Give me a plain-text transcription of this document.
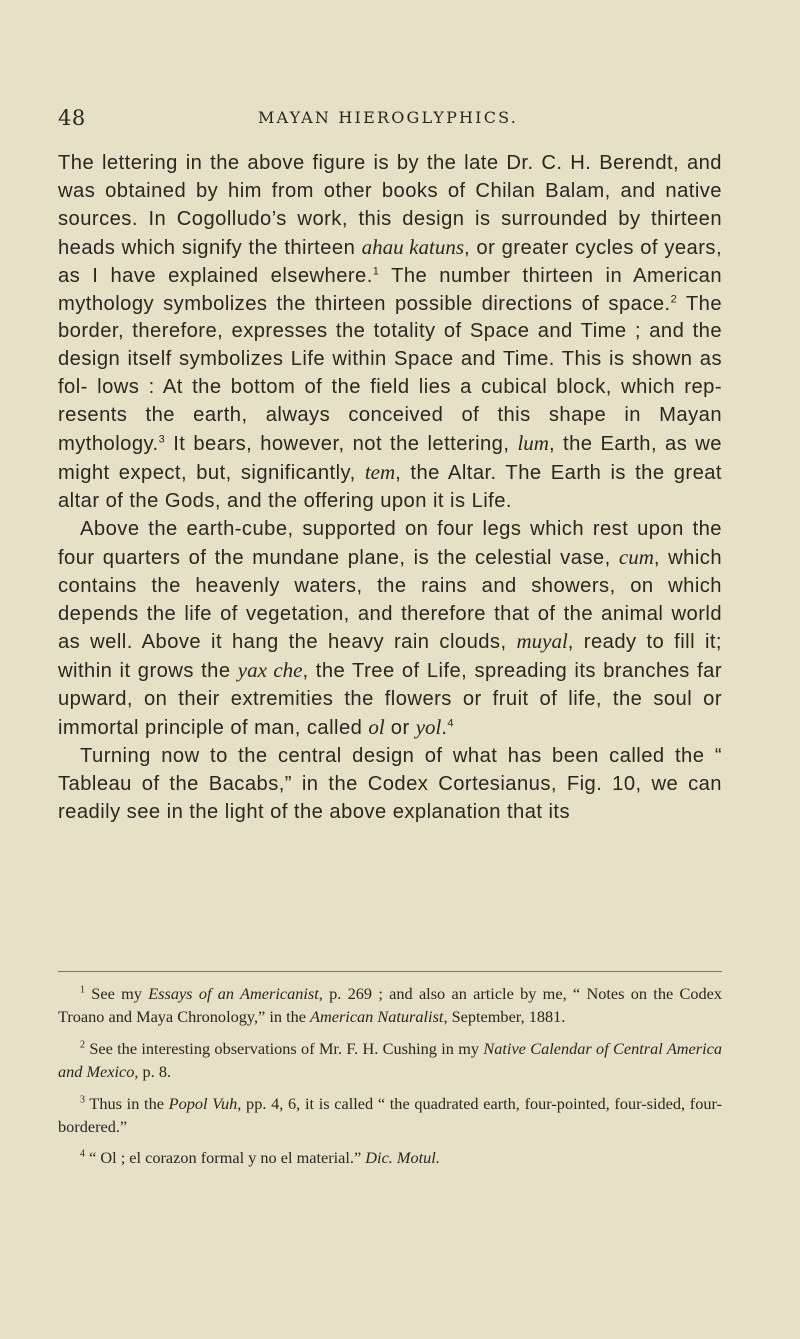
48	MAYAN HIEROGLYPHICS.

The lettering in the above figure is by the late Dr. C. H. Berendt, and was obtained by him from other books of Chilan Balam, and native sources. In Cogolludo’s work, this design is surrounded by thirteen heads which signify the thirteen ahau katuns, or greater cycles of years, as I have explained elsewhere.$^1$ The number thirteen in American mythology symbolizes the thirteen possible directions of space.$^2$ The border, therefore, expresses the totality of Space and Time ; and the design itself symbolizes Life within Space and Time. This is shown as fol- lows : At the bottom of the field lies a cubical block, which rep- resents the earth, always conceived of this shape in Mayan mythology.$^3$ It bears, however, not the lettering, lum, the Earth, as we might expect, but, significantly, tem, the Altar. The Earth is the great altar of the Gods, and the offering upon it is Life.

Above the earth-cube, supported on four legs which rest upon the four quarters of the mundane plane, is the celestial vase, cum, which contains the heavenly waters, the rains and showers, on which depends the life of vegetation, and therefore that of the animal world as well. Above it hang the heavy rain clouds, muyal, ready to fill it; within it grows the yax che, the Tree of Life, spreading its branches far upward, on their extremities the flowers or fruit of life, the soul or immortal principle of man, called ol or yol.$^4$

Turning now to the central design of what has been called the “ Tableau of the Bacabs,” in the Codex Cortesianus, Fig. 10, we can readily see in the light of the above explanation that its

$^1$ See my Essays of an Americanist, p. 269 ; and also an article by me, “ Notes on the Codex Troano and Maya Chronology,” in the American Naturalist, September, 1881.

$^2$ See the interesting observations of Mr. F. H. Cushing in my Native Calendar of Central America and Mexico, p. 8.

$^3$ Thus in the Popol Vuh, pp. 4, 6, it is called “ the quadrated earth, four-pointed, four-sided, four-bordered.”

$^4$ “ Ol ; el corazon formal y no el material.” Dic. Motul.
